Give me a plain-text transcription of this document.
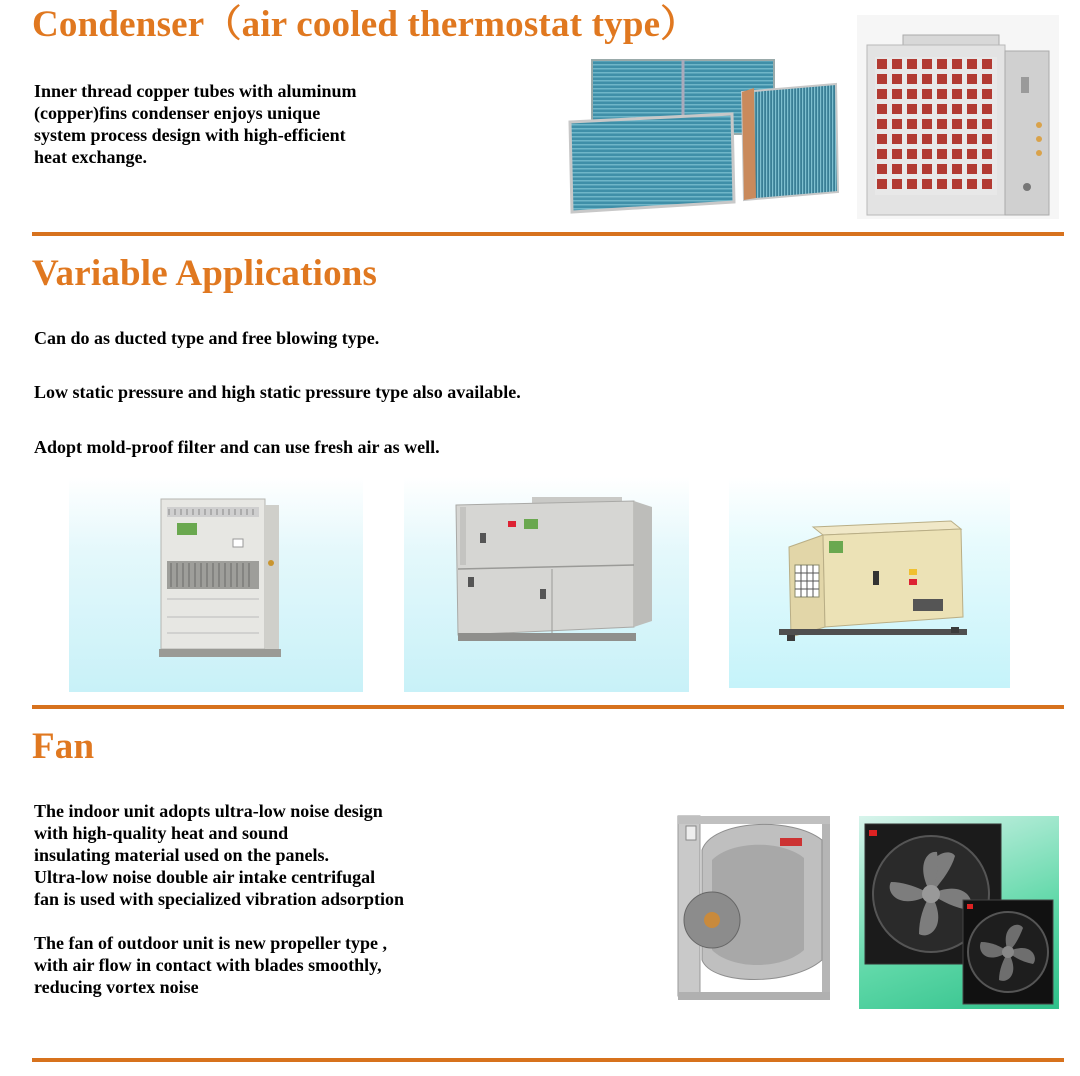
Condenser（air cooled thermostat type）
Inner thread copper tubes with aluminum
(copper)fins condenser enjoys unique
system process design with high-efficient
heat exchange.
Variable Applications
Can do as ducted type and free blowing type.
Low static pressure and high static pressure type also available.
Adopt mold-proof filter and can use fresh air as well.
Fan
The indoor unit adopts ultra-low noise design
with high-quality heat and sound
insulating material used on the panels.
Ultra-low noise double air intake centrifugal
fan is used with specialized vibration adsorption
The fan of outdoor unit is new propeller type ,
with air flow in contact with blades smoothly,
reducing vortex noise
